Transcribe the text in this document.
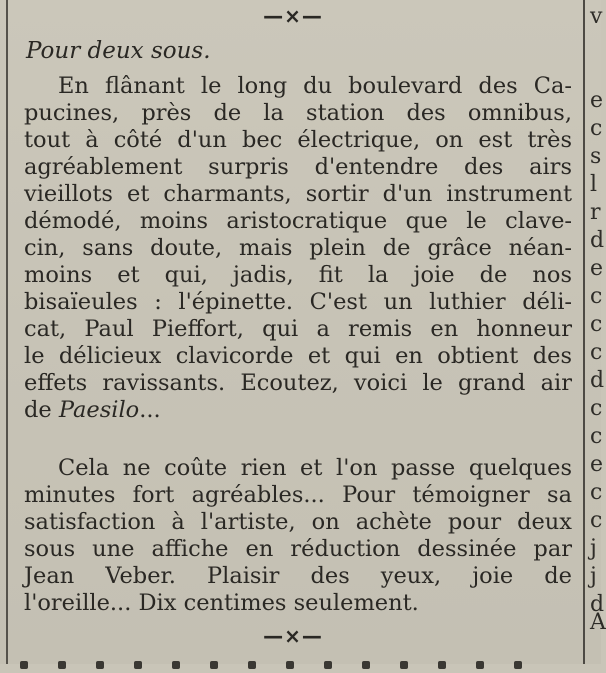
—×—
Pour deux sous.
En flânant le long du boulevard des Ca-
pucines, près de la station des omnibus,
tout à côté d'un bec électrique, on est très
agréablement surpris d'entendre des airs
vieillots et charmants, sortir d'un instrument
démodé, moins aristocratique que le clave-
cin, sans doute, mais plein de grâce néan-
moins et qui, jadis, fit la joie de nos
bisaïeules : l'épinette. C'est un luthier déli-
cat, Paul Pieffort, qui a remis en honneur
le délicieux clavicorde et qui en obtient des
effets ravissants. Ecoutez, voici le grand air
de Paesilo...
Cela ne coûte rien et l'on passe quelques
minutes fort agréables... Pour témoigner sa
satisfaction à l'artiste, on achète pour deux
sous une affiche en réduction dessinée par
Jean Veber. Plaisir des yeux, joie de
l'oreille... Dix centimes seulement.
—×—
v
e
c
s
l
r
d
e
c
c
c
d
c
c
e
c
c
j
j
d
A
